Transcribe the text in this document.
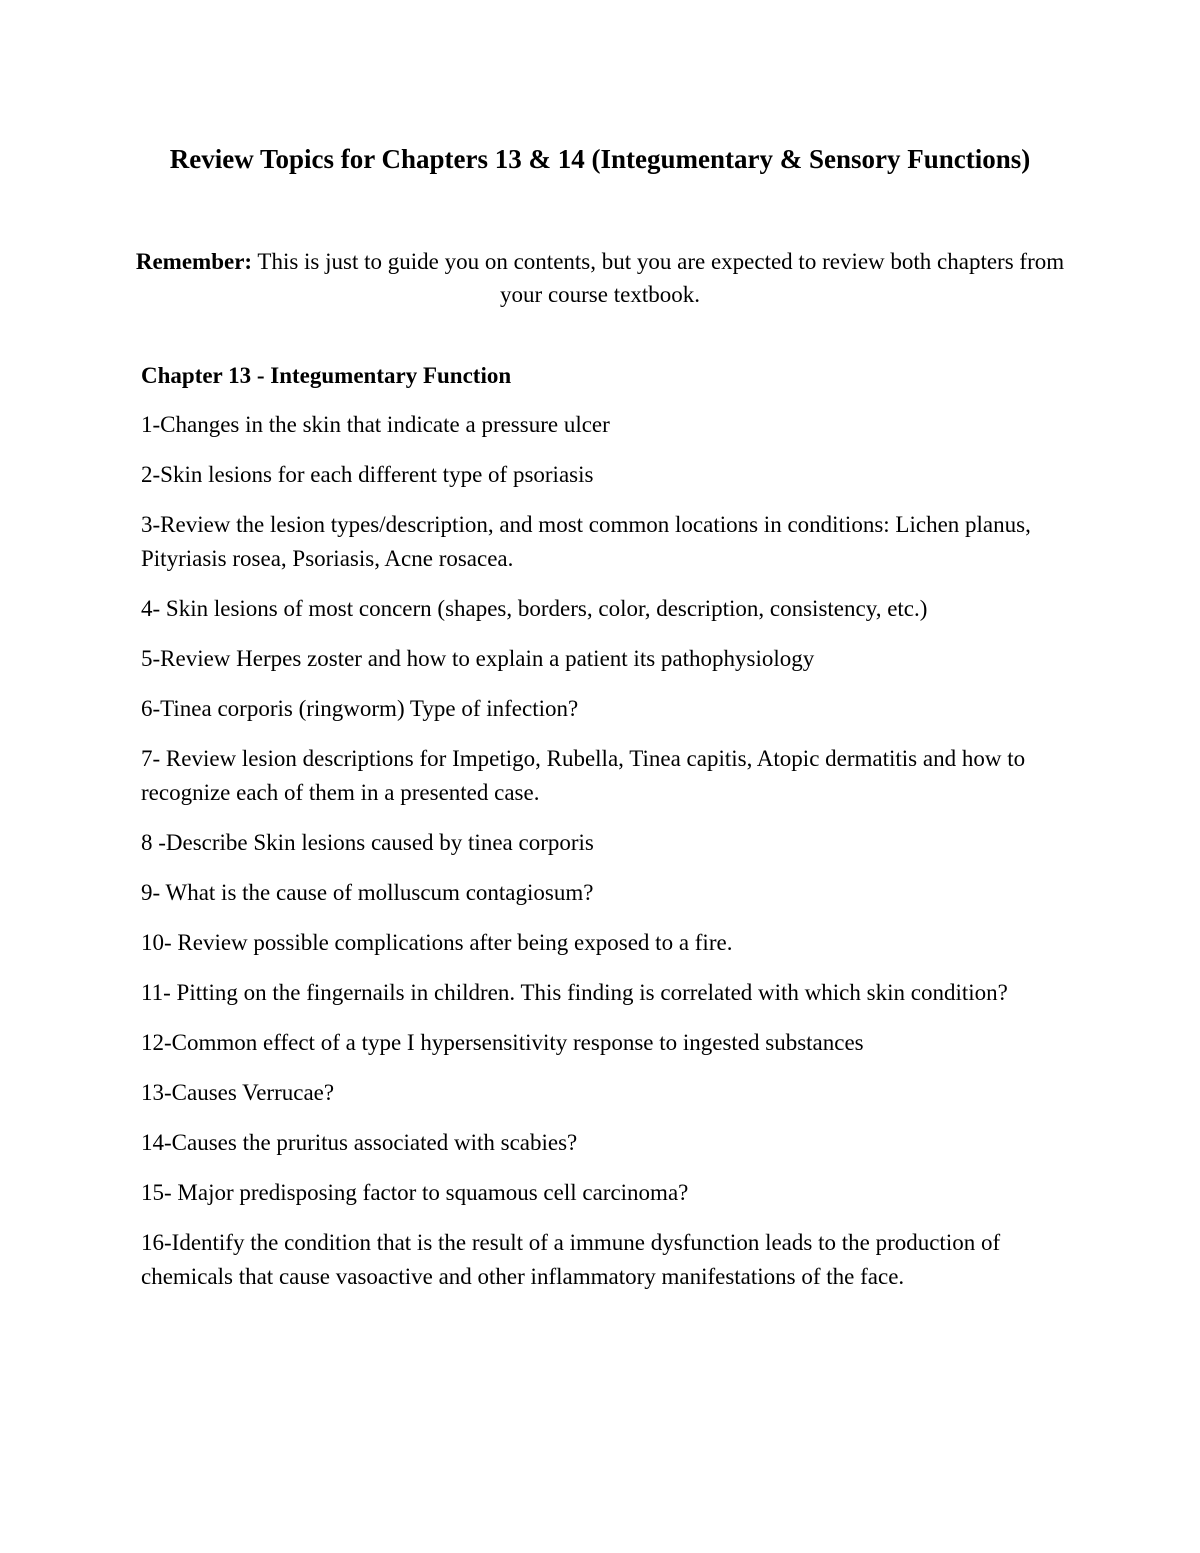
Review Topics for Chapters 13 & 14 (Integumentary & Sensory Functions)

Remember: This is just to guide you on contents, but you are expected to review both chapters from your course textbook.

Chapter 13 - Integumentary Function
1-Changes in the skin that indicate a pressure ulcer
2-Skin lesions for each different type of psoriasis
3-Review the lesion types/description, and most common locations in conditions: Lichen planus, Pityriasis rosea, Psoriasis, Acne rosacea.
4- Skin lesions of most concern (shapes, borders, color, description, consistency, etc.)
5-Review Herpes zoster and how to explain a patient its pathophysiology
6-Tinea corporis (ringworm) Type of infection?
7- Review lesion descriptions for Impetigo, Rubella, Tinea capitis, Atopic dermatitis and how to recognize each of them in a presented case.
8 -Describe Skin lesions caused by tinea corporis
9- What is the cause of molluscum contagiosum?
10- Review possible complications after being exposed to a fire.
11- Pitting on the fingernails in children. This finding is correlated with which skin condition?
12-Common effect of a type I hypersensitivity response to ingested substances
13-Causes Verrucae?
14-Causes the pruritus associated with scabies?
15- Major predisposing factor to squamous cell carcinoma?
16-Identify the condition that is the result of a immune dysfunction leads to the production of chemicals that cause vasoactive and other inflammatory manifestations of the face.
